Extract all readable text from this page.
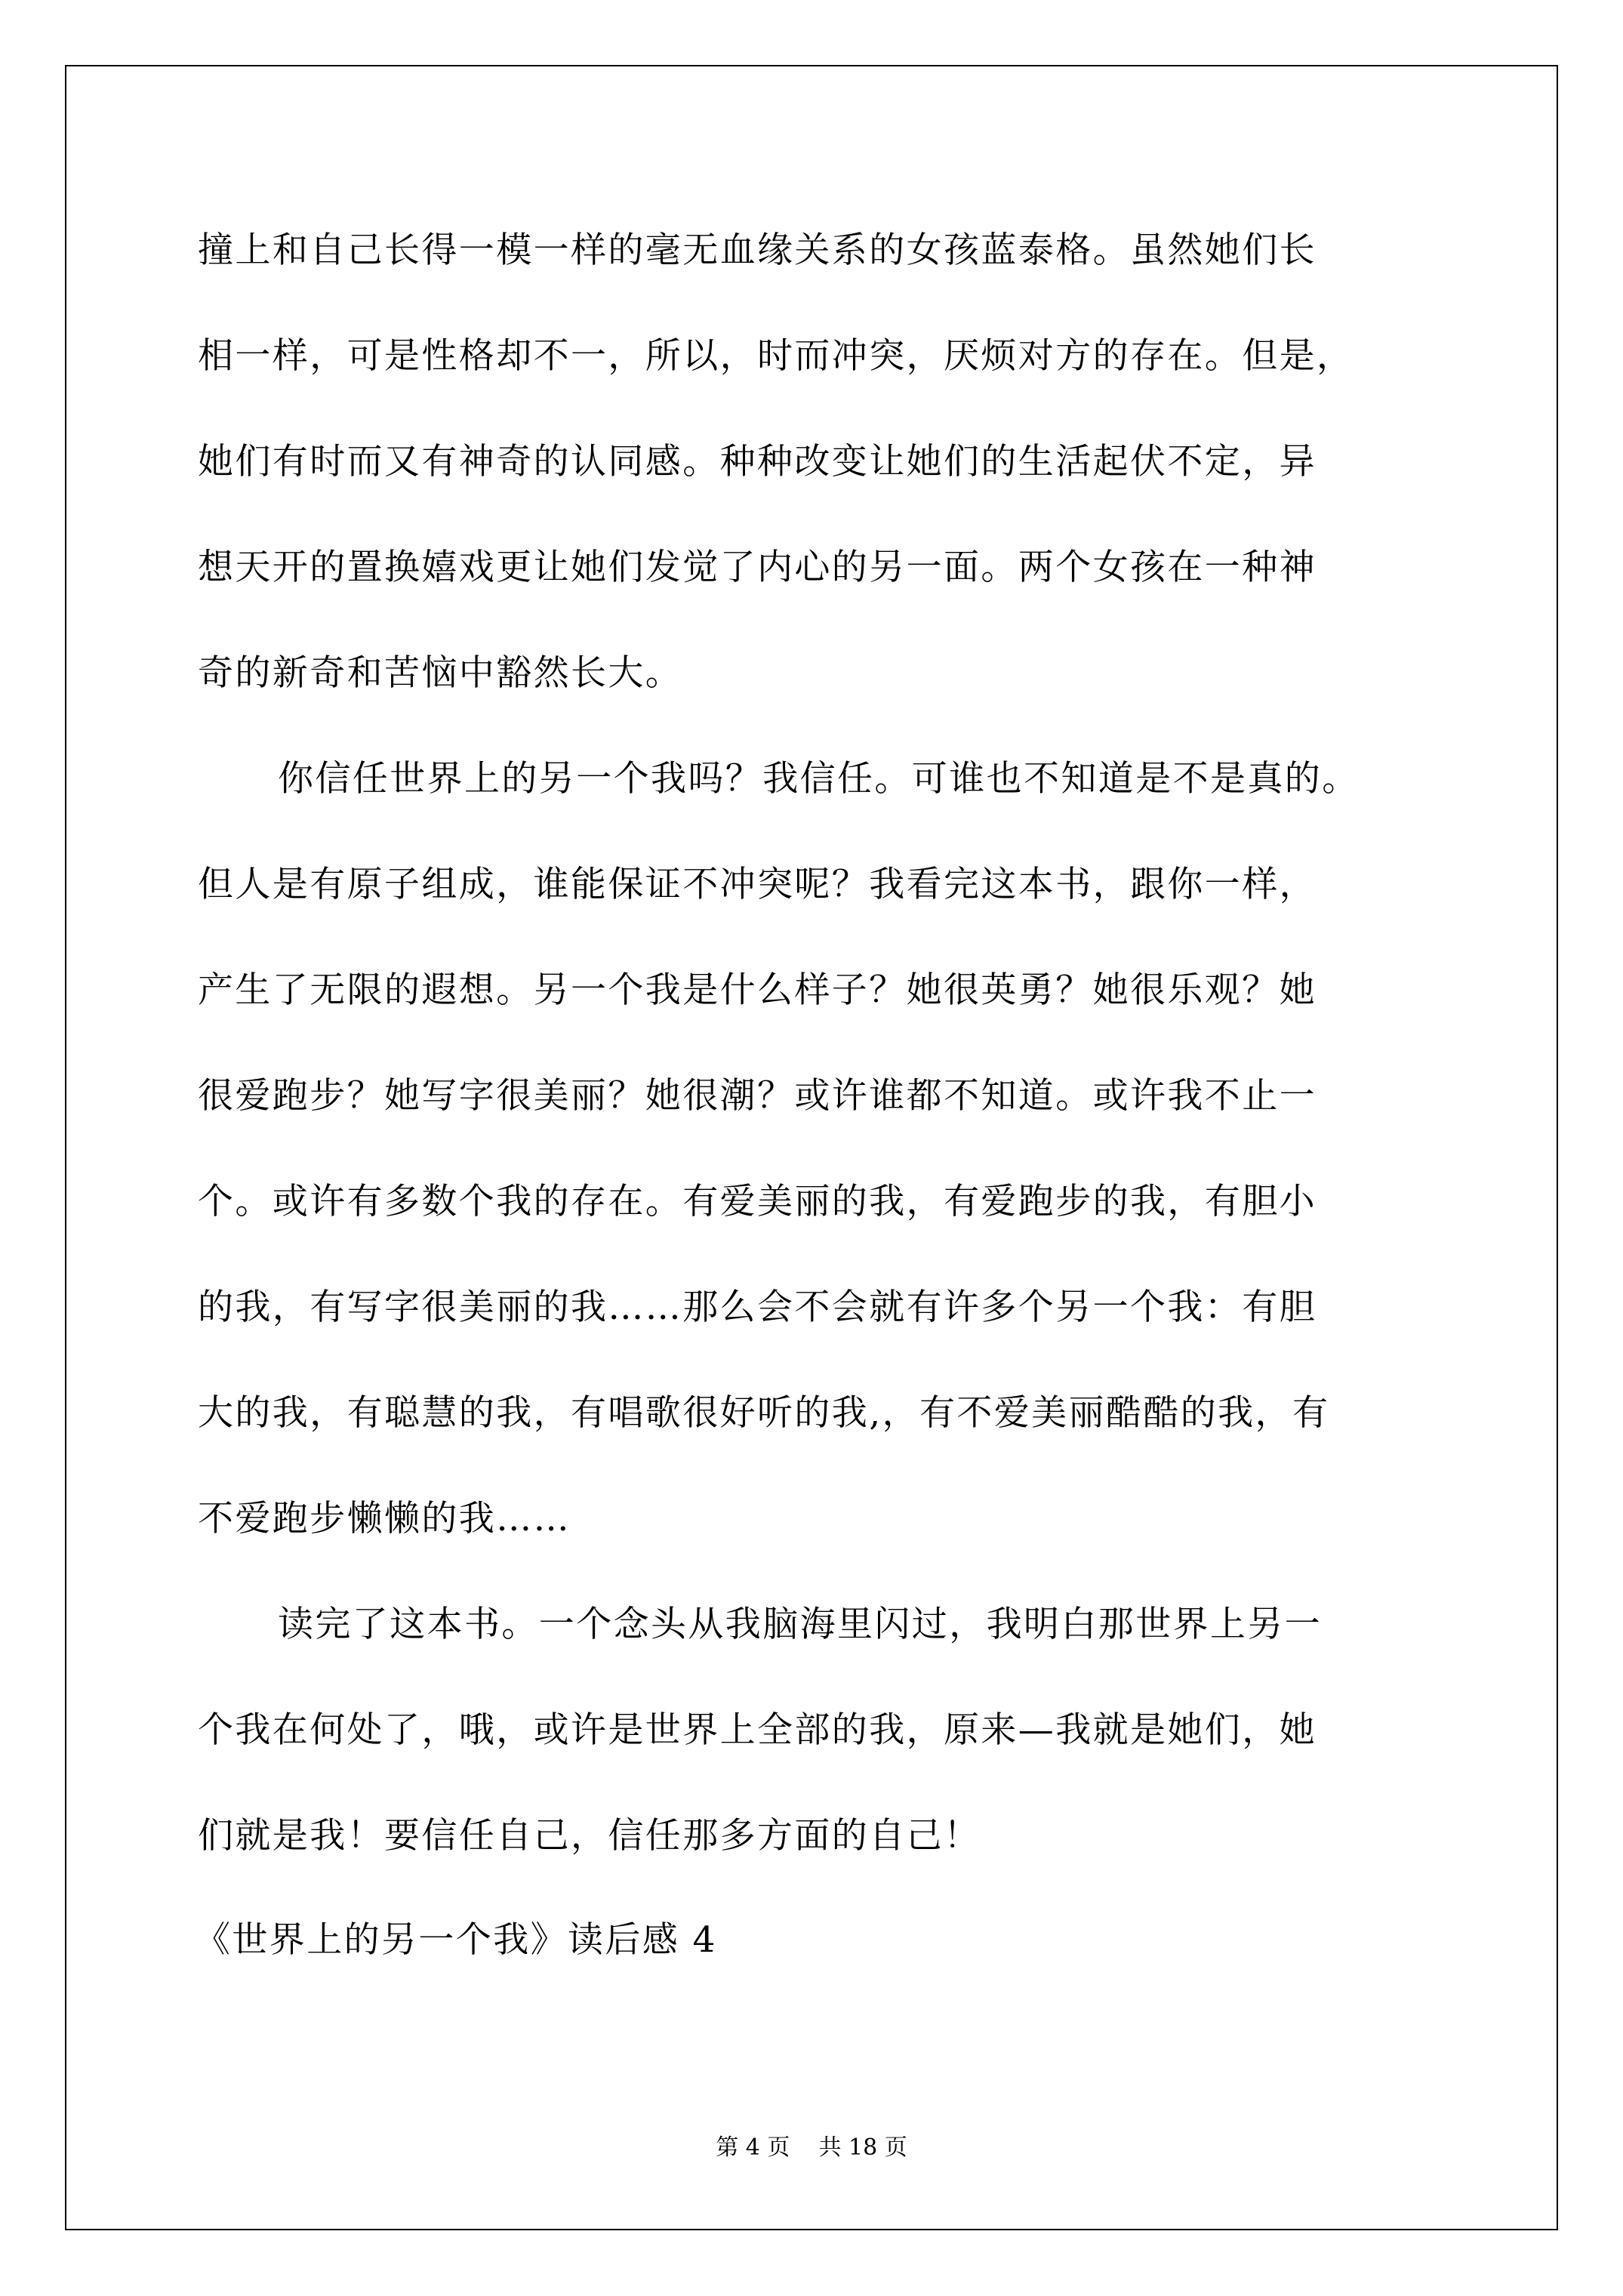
撞上和自己长得一模一样的毫无血缘关系的女孩蓝泰格。虽然她们长
相一样，可是性格却不一，所以，时而冲突，厌烦对方的存在。但是，
她们有时而又有神奇的认同感。种种改变让她们的生活起伏不定，异
想天开的置换嬉戏更让她们发觉了内心的另一面。两个女孩在一种神
奇的新奇和苦恼中豁然长大。
你信任世界上的另一个我吗？我信任。可谁也不知道是不是真的。
但人是有原子组成，谁能保证不冲突呢？我看完这本书，跟你一样，
产生了无限的遐想。另一个我是什么样子？她很英勇？她很乐观？她
很爱跑步？她写字很美丽？她很潮？或许谁都不知道。或许我不止一
个。或许有多数个我的存在。有爱美丽的我，有爱跑步的我，有胆小
的我，有写字很美丽的我……那么会不会就有许多个另一个我：有胆
大的我，有聪慧的我，有唱歌很好听的我,，有不爱美丽酷酷的我，有
不爱跑步懒懒的我……
读完了这本书。一个念头从我脑海里闪过，我明白那世界上另一
个我在何处了，哦，或许是世界上全部的我，原来—我就是她们，她
们就是我！要信任自己，信任那多方面的自己！
《世界上的另一个我》读后感 4
第 4 页    共 18 页
